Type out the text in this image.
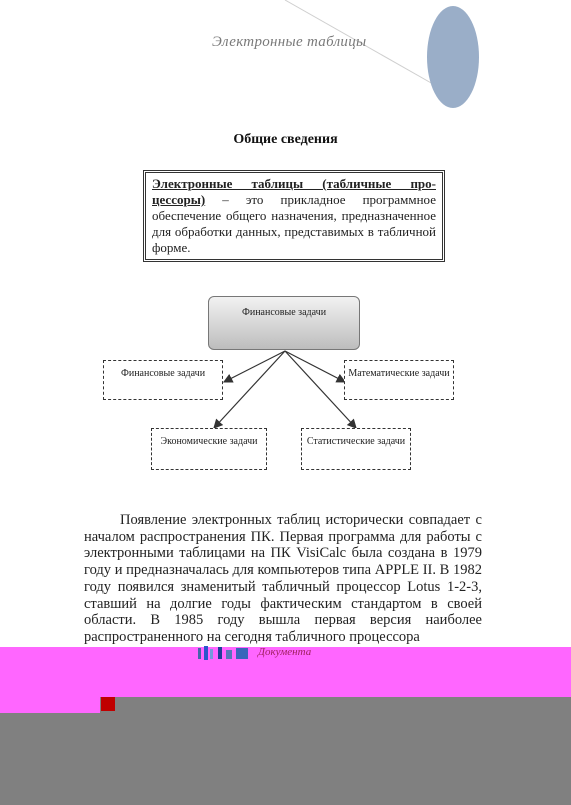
Электронные таблицы
Общие сведения
Электронные таблицы (табличные про-цессоры) – это прикладное программное обеспечение общего назначения, предназначенное для обработки данных, представимых в табличной форме.
Финансовые задачи
Финансовые задачи	Математические задачи
Экономические задачи	Статистические задачи
Появление электронных таблиц исторически совпадает с началом распространения ПК. Первая программа для работы с электронными таблицами на ПК VisiCalc была создана в 1979 году и предназначалась для компьютеров типа APPLE II. В 1982 году появился знаменитый табличный процессор Lotus 1-2-3, ставший на долгие годы фактическим стандартом в своей области. В 1985 году вышла первая версия наиболее распространенного на сегодня табличного процессора
Документа
